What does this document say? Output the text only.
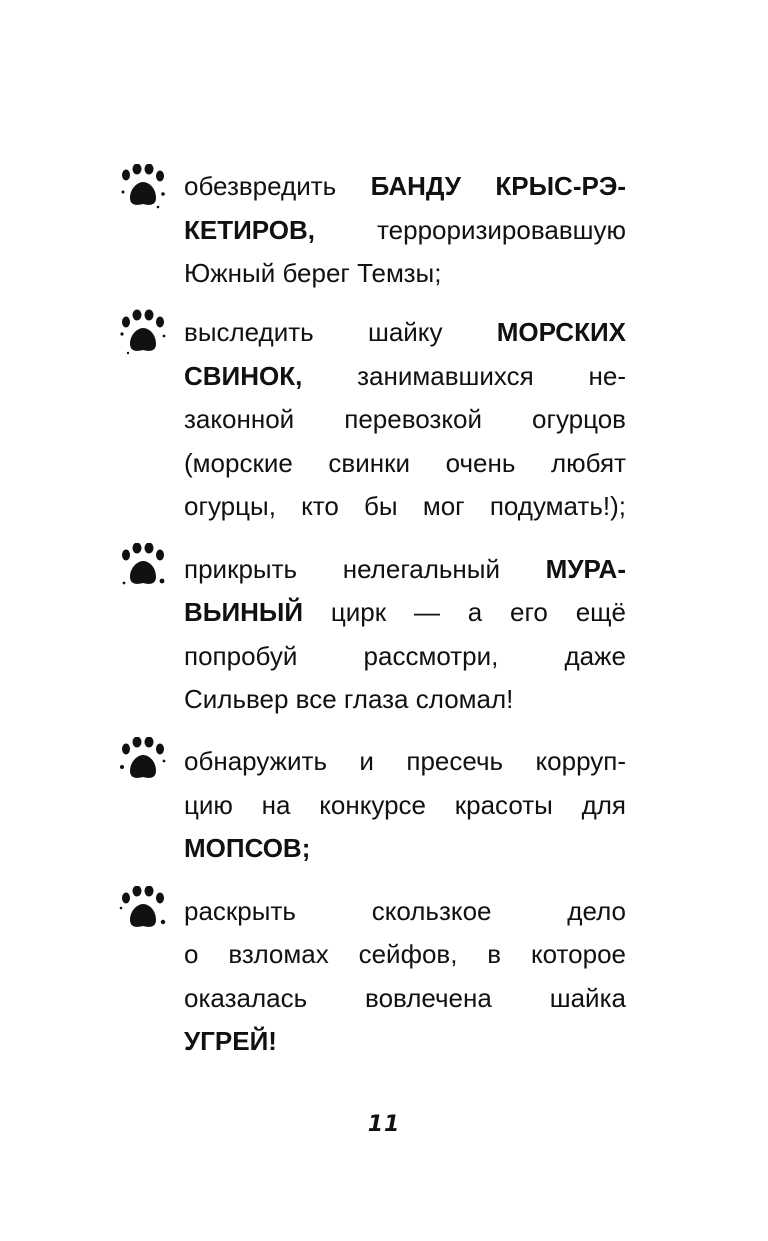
обезвредить БАНДУ КРЫС-РЭ-
КЕТИРОВ, терроризировавшую
Южный берег Темзы;
выследить шайку МОРСКИХ
СВИНОК, занимавшихся не-
законной перевозкой огурцов
(морские свинки очень любят
огурцы, кто бы мог подумать!);
прикрыть нелегальный МУРА-
ВЬИНЫЙ цирк — а его ещё
попробуй рассмотри, даже
Сильвер все глаза сломал!
обнаружить и пресечь корруп-
цию на конкурсе красоты для
МОПСОВ;
раскрыть скользкое дело
о взломах сейфов, в которое
оказалась вовлечена шайка
УГРЕЙ!
11
